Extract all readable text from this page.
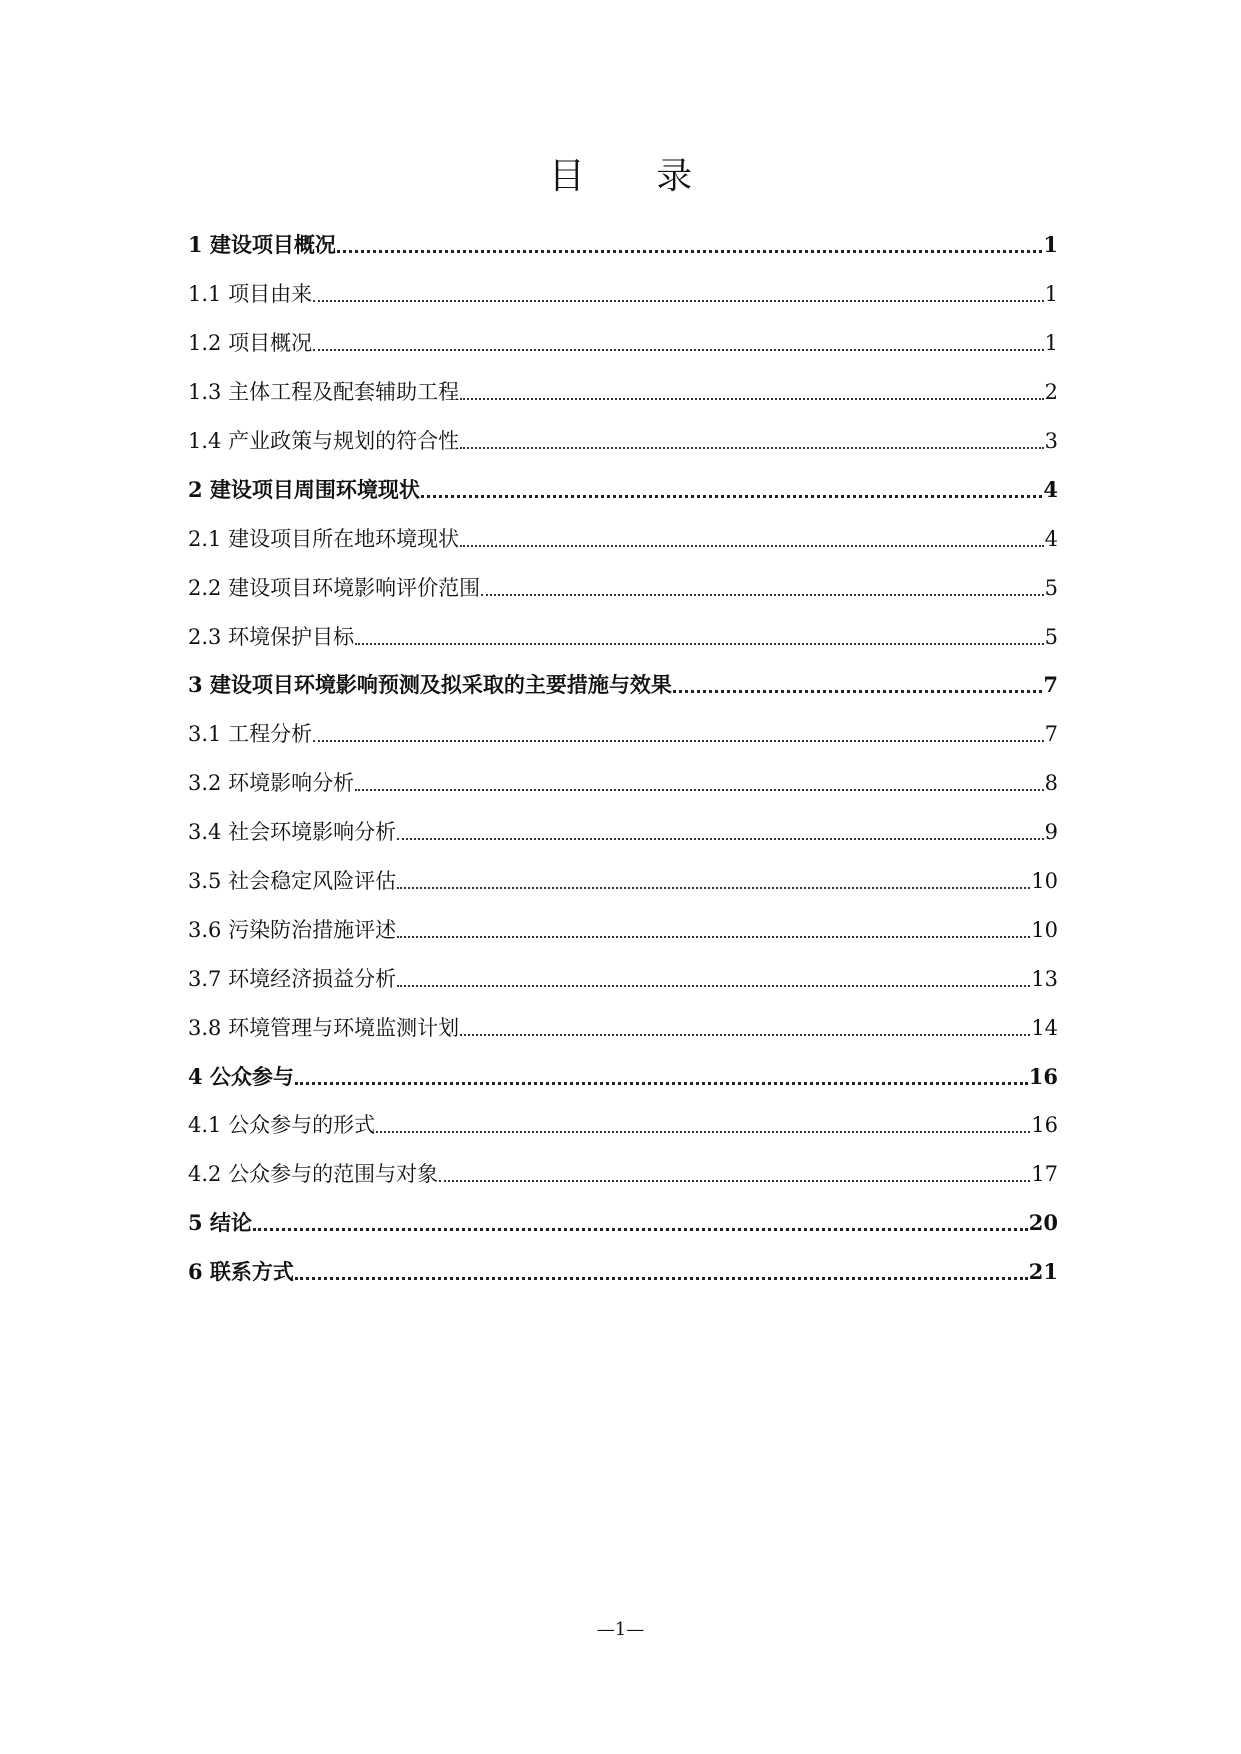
目 录
1 建设项目概况	1
1.1 项目由来	1
1.2 项目概况	1
1.3 主体工程及配套辅助工程	2
1.4 产业政策与规划的符合性	3
2 建设项目周围环境现状	4
2.1 建设项目所在地环境现状	4
2.2 建设项目环境影响评价范围	5
2.3 环境保护目标	5
3 建设项目环境影响预测及拟采取的主要措施与效果	7
3.1 工程分析	7
3.2 环境影响分析	8
3.4 社会环境影响分析	9
3.5 社会稳定风险评估	10
3.6 污染防治措施评述	10
3.7 环境经济损益分析	13
3.8 环境管理与环境监测计划	14
4 公众参与	16
4.1 公众参与的形式	16
4.2 公众参与的范围与对象	17
5 结论	20
6 联系方式	21
—1—
